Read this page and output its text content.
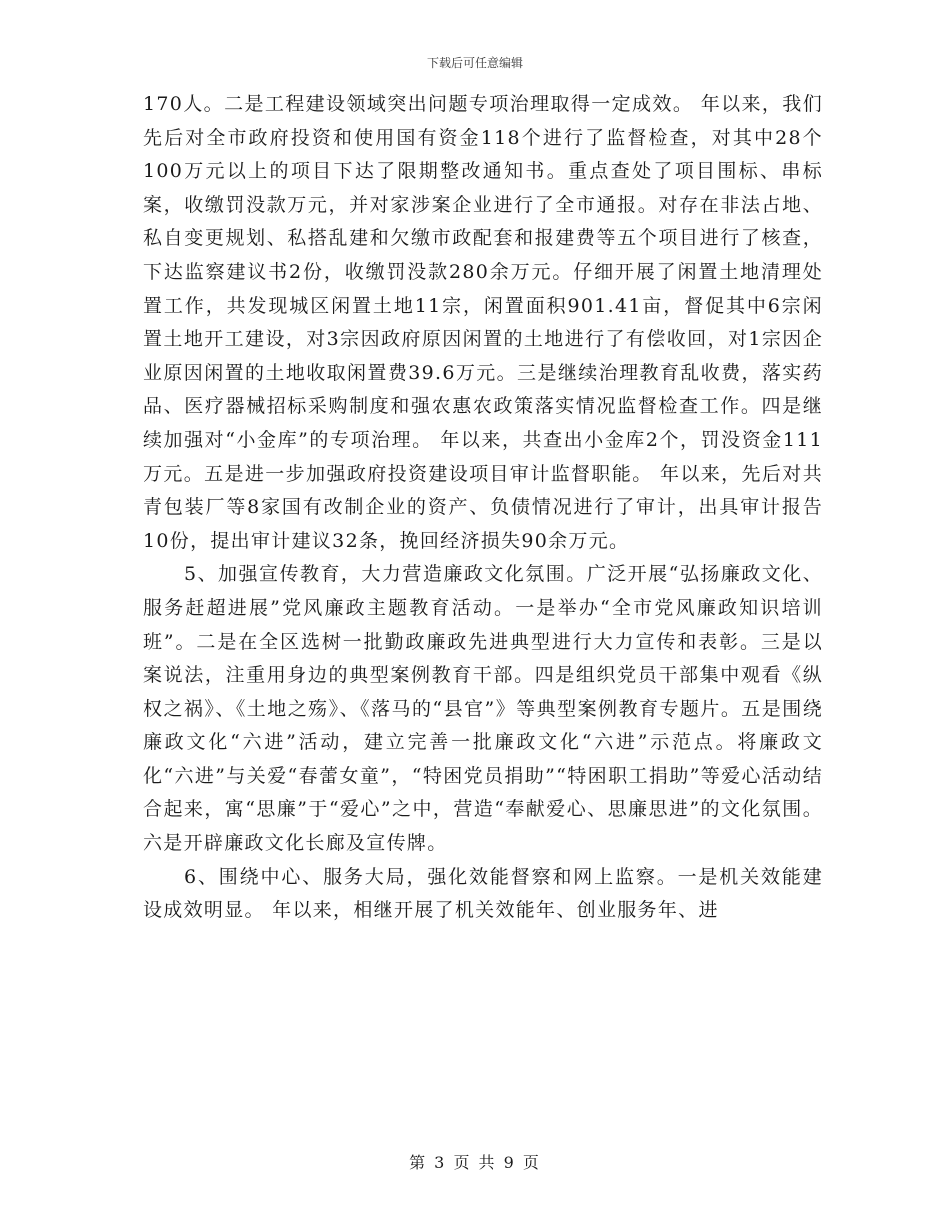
下载后可任意编辑

170人。二是工程建设领域突出问题专项治理取得一定成效。 年以来，我们先后对全市政府投资和使用国有资金118个进行了监督检查，对其中28个100万元以上的项目下达了限期整改通知书。重点查处了项目围标、串标案，收缴罚没款万元，并对家涉案企业进行了全市通报。对存在非法占地、私自变更规划、私搭乱建和欠缴市政配套和报建费等五个项目进行了核查，下达监察建议书2份，收缴罚没款280余万元。仔细开展了闲置土地清理处置工作，共发现城区闲置土地11宗，闲置面积901.41亩，督促其中6宗闲置土地开工建设，对3宗因政府原因闲置的土地进行了有偿收回，对1宗因企业原因闲置的土地收取闲置费39.6万元。三是继续治理教育乱收费，落实药品、医疗器械招标采购制度和强农惠农政策落实情况监督检查工作。四是继续加强对“小金库”的专项治理。 年以来，共查出小金库2个，罚没资金111万元。五是进一步加强政府投资建设项目审计监督职能。 年以来，先后对共青包装厂等8家国有改制企业的资产、负债情况进行了审计，出具审计报告10份，提出审计建议32条，挽回经济损失90余万元。

5、加强宣传教育，大力营造廉政文化氛围。广泛开展“弘扬廉政文化、服务赶超进展”党风廉政主题教育活动。一是举办“全市党风廉政知识培训班”。二是在全区选树一批勤政廉政先进典型进行大力宣传和表彰。三是以案说法，注重用身边的典型案例教育干部。四是组织党员干部集中观看《纵权之祸》、《土地之殇》、《落马的“县官”》等典型案例教育专题片。五是围绕廉政文化“六进”活动，建立完善一批廉政文化“六进”示范点。将廉政文化“六进”与关爱“春蕾女童”，“特困党员捐助”“特困职工捐助”等爱心活动结合起来，寓“思廉”于“爱心”之中，营造“奉献爱心、思廉思进”的文化氛围。六是开辟廉政文化长廊及宣传牌。

6、围绕中心、服务大局，强化效能督察和网上监察。一是机关效能建设成效明显。 年以来，相继开展了机关效能年、创业服务年、进

第 3 页 共 9 页
